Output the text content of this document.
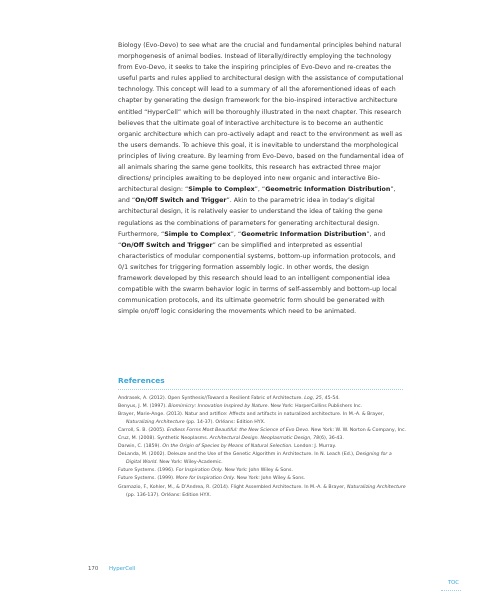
Biology (Evo-Devo) to see what are the crucial and fundamental principles behind natural morphogenesis of animal bodies. Instead of literally/directly employing the technology from Evo-Devo, it seeks to take the inspiring principles of Evo-Devo and re-creates the useful parts and rules applied to architectural design with the assistance of computational technology. This concept will lead to a summary of all the aforementioned ideas of each chapter by generating the design framework for the bio-inspired interactive architecture entitled “HyperCell” which will be thoroughly illustrated in the next chapter. This research believes that the ultimate goal of Interactive architecture is to become an authentic organic architecture which can pro-actively adapt and react to the environment as well as the users demands. To achieve this goal, it is inevitable to understand the morphological principles of living creature. By learning from Evo-Devo, based on the fundamental idea of all animals sharing the same gene toolkits, this research has extracted three major directions/ principles awaiting to be deployed into new organic and interactive Bio-architectural design: “Simple to Complex”, “Geometric Information Distribution”, and “On/Off Switch and Trigger”. Akin to the parametric idea in today’s digital architectural design, it is relatively easier to understand the idea of taking the gene regulations as the combinations of parameters for generating architectural design. Furthermore, “Simple to Complex”, “Geometric Information Distribution”, and “On/Off Switch and Trigger” can be simplified and interpreted as essential characteristics of modular componential systems, bottom-up information protocols, and 0/1 switches for triggering formation assembly logic. In other words, the design framework developed by this research should lead to an intelligent componential idea compatible with the swarm behavior logic in terms of self-assembly and bottom-up local communication protocols, and its ultimate geometric form should be generated with simple on/off logic considering the movements which need to be animated.

References
Andrasek, A. (2012). Open Synthesis//Toward a Resilient Fabric of Architecture. Log, 25, 45-54.
Benyus, J. M. (1997). Biomimicry: Innovation Inspired by Nature. New York: HarperCollins Publishers Inc.
Brayer, Marie-Ange. (2013). Natur and artifice: Affects and artifacts in naturalized architecture. In M.-A. & Brayer, Naturalizing Architecture (pp. 14-37). Orléans: Edition HYX.
Carroll, S. B. (2005). Endless Forms Most Beautiful: the New Science of Evo Devo. New York: W. W. Norton & Company, Inc.
Cruz, M. (2008). Synthetic Neoplasms. Architectural Design. Neoplasmatic Design, 78(6), 36-43.
Darwin, C. (1859). On the Origin of Species by Means of Natural Selection. London: J. Murray.
DeLanda, M. (2002). Deleuze and the Use of the Genetic Algorithm in Architecture. In N. Leach (Ed.), Designing for a Digital World. New York: Wiley-Academic.
Future Systems. (1996). For Inspiration Only. New York: John Wiley & Sons.
Future Systems. (1999). More for Inspiration Only. New York: John Wiley & Sons.
Gramazio, F., Kohler, M., & D’Andrea, R. (2014). Flight Assembled Architecture. In M.-A. & Brayer, Naturalizing Architecture (pp. 136-137). Orléans: Edition HYX.
170 HyperCell
TOC
